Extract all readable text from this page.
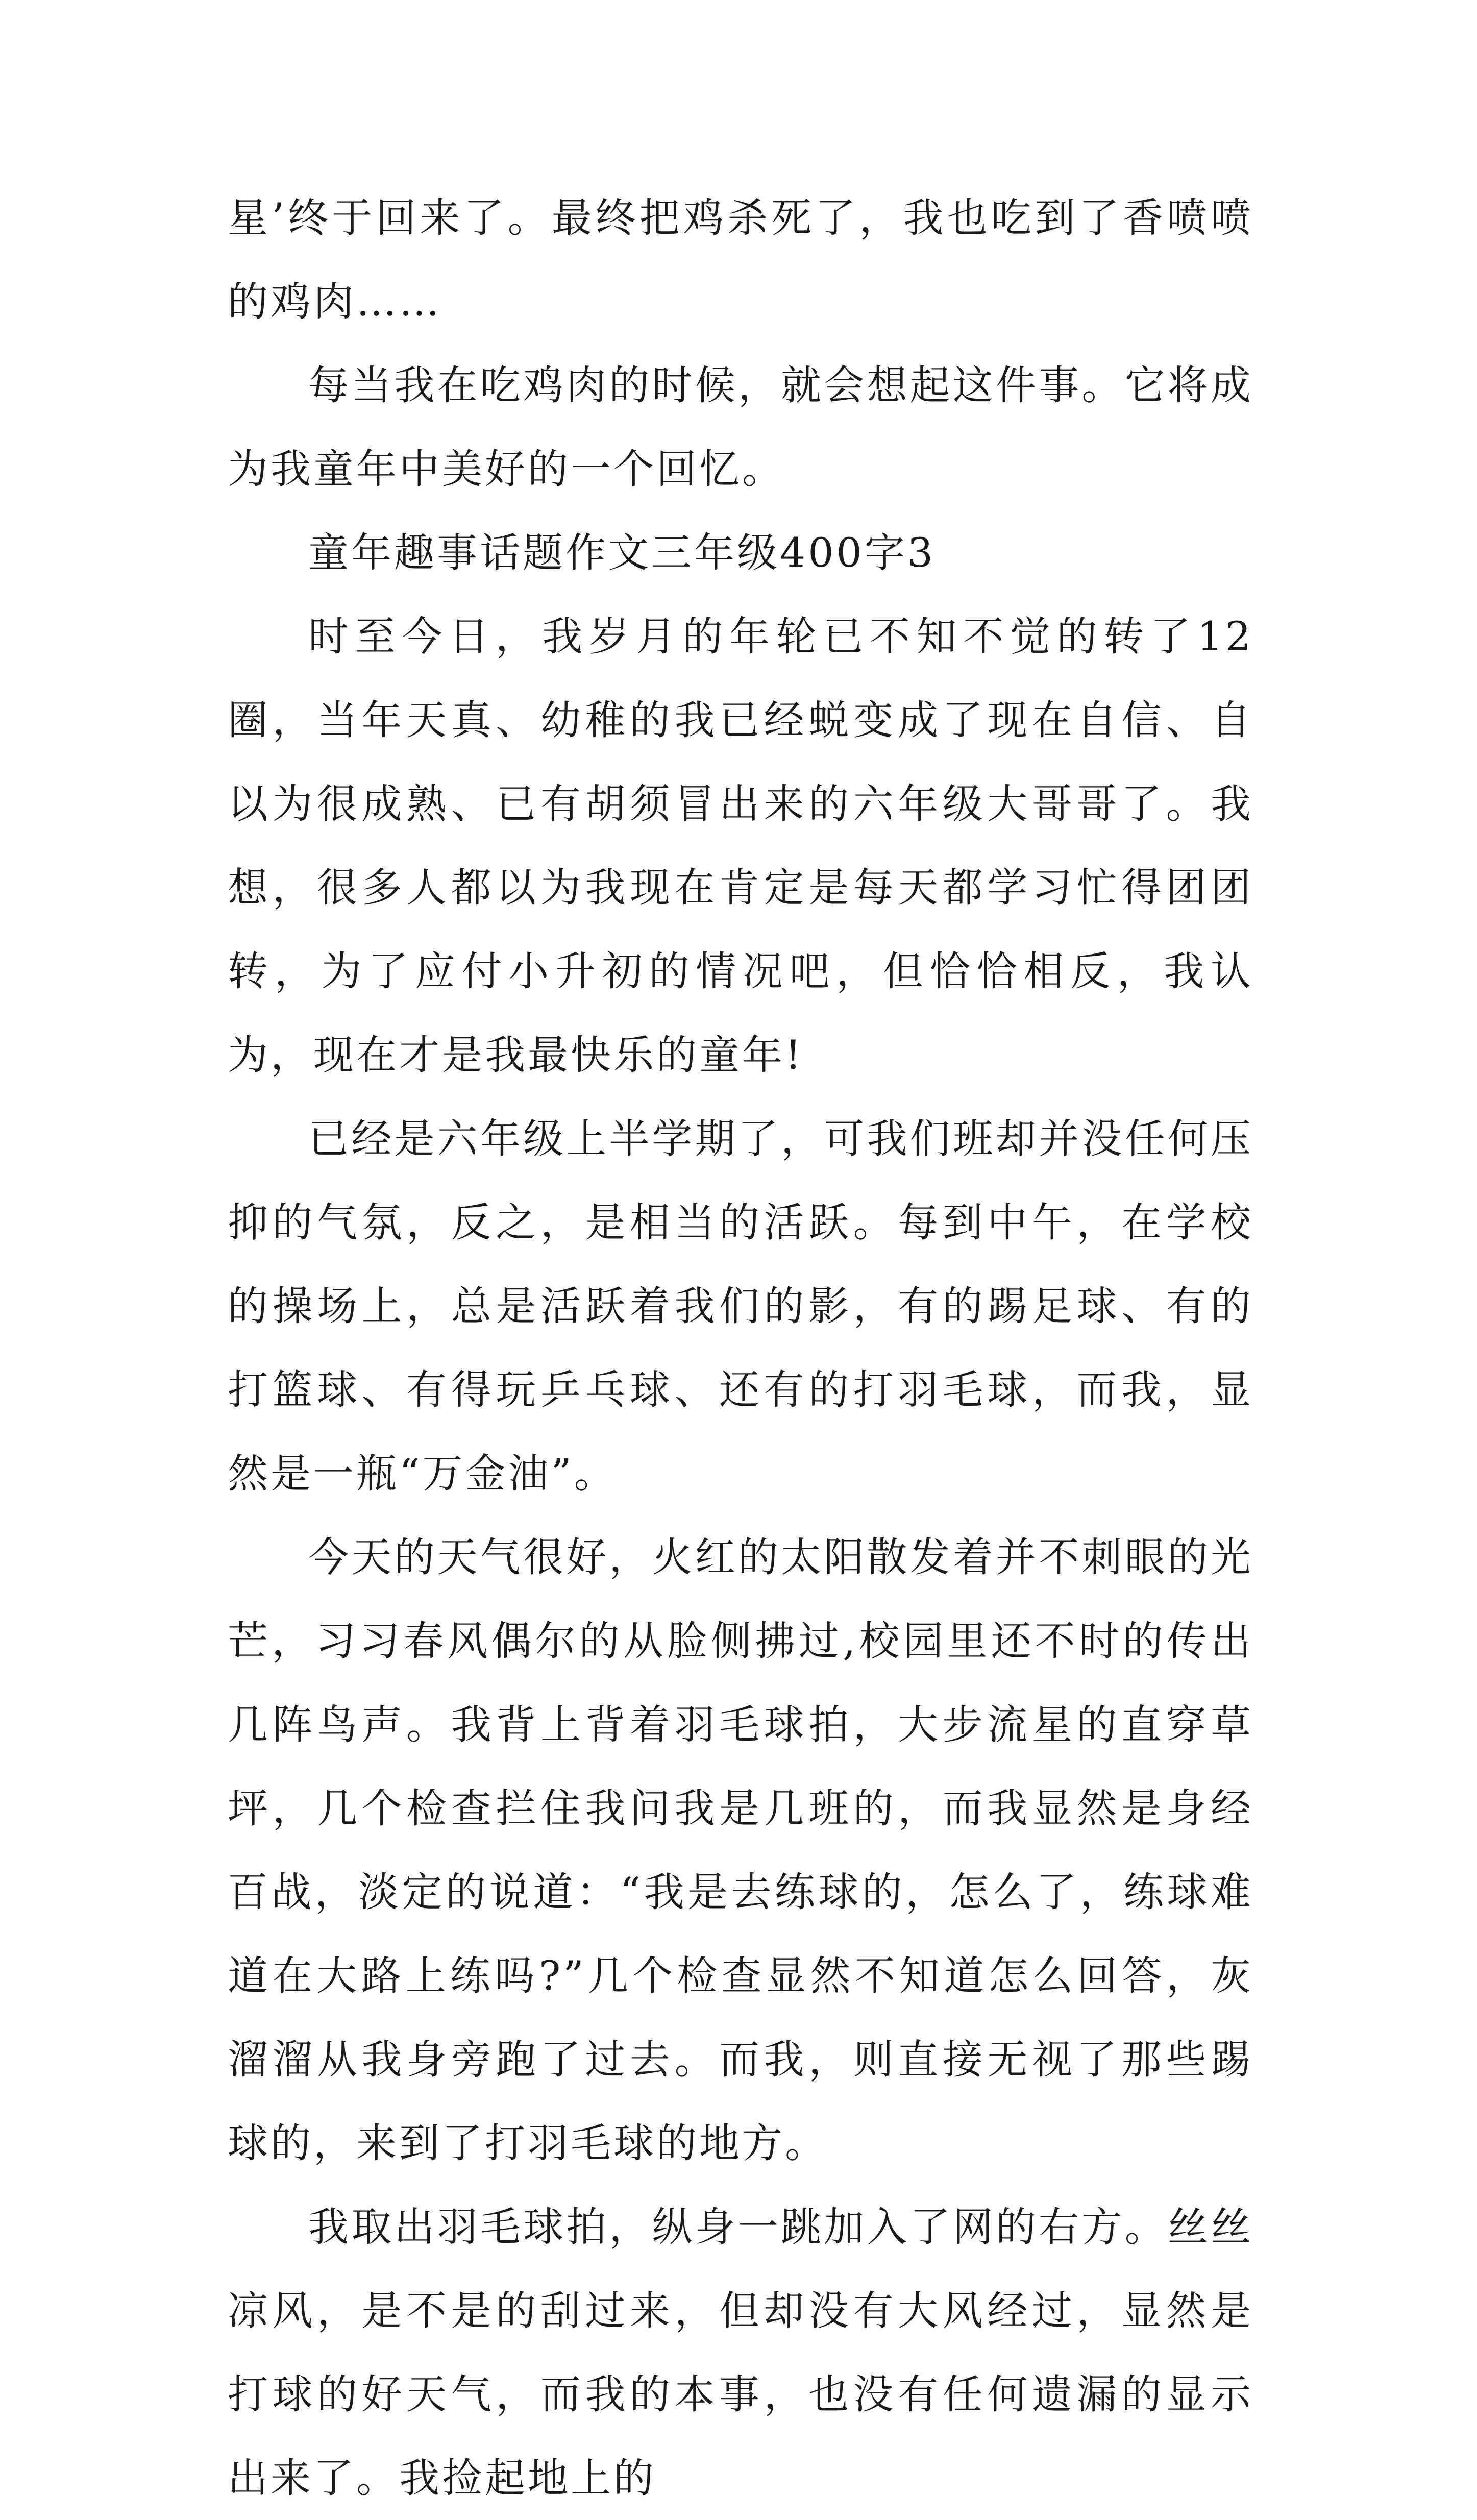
星’终于回来了。最终把鸡杀死了，我也吃到了香喷喷的鸡肉……

每当我在吃鸡肉的时候，就会想起这件事。它将成为我童年中美好的一个回忆。

童年趣事话题作文三年级400字3

时至今日，我岁月的年轮已不知不觉的转了12圈，当年天真、幼稚的我已经蜕变成了现在自信、自以为很成熟、已有胡须冒出来的六年级大哥哥了。我想，很多人都以为我现在肯定是每天都学习忙得团团转，为了应付小升初的情况吧，但恰恰相反，我认为，现在才是我最快乐的童年!

已经是六年级上半学期了，可我们班却并没任何压抑的气氛，反之，是相当的活跃。每到中午，在学校的操场上，总是活跃着我们的影，有的踢足球、有的打篮球、有得玩乒乓球、还有的打羽毛球，而我，显然是一瓶“万金油”。

今天的天气很好，火红的太阳散发着并不刺眼的光芒，习习春风偶尔的从脸侧拂过,校园里还不时的传出几阵鸟声。我背上背着羽毛球拍，大步流星的直穿草坪，几个检查拦住我问我是几班的，而我显然是身经百战，淡定的说道：“我是去练球的，怎么了，练球难道在大路上练吗?”几个检查显然不知道怎么回答，灰溜溜从我身旁跑了过去。而我，则直接无视了那些踢球的，来到了打羽毛球的地方。

我取出羽毛球拍，纵身一跳加入了网的右方。丝丝凉风，是不是的刮过来，但却没有大风经过，显然是打球的好天气，而我的本事，也没有任何遗漏的显示出来了。我捡起地上的
